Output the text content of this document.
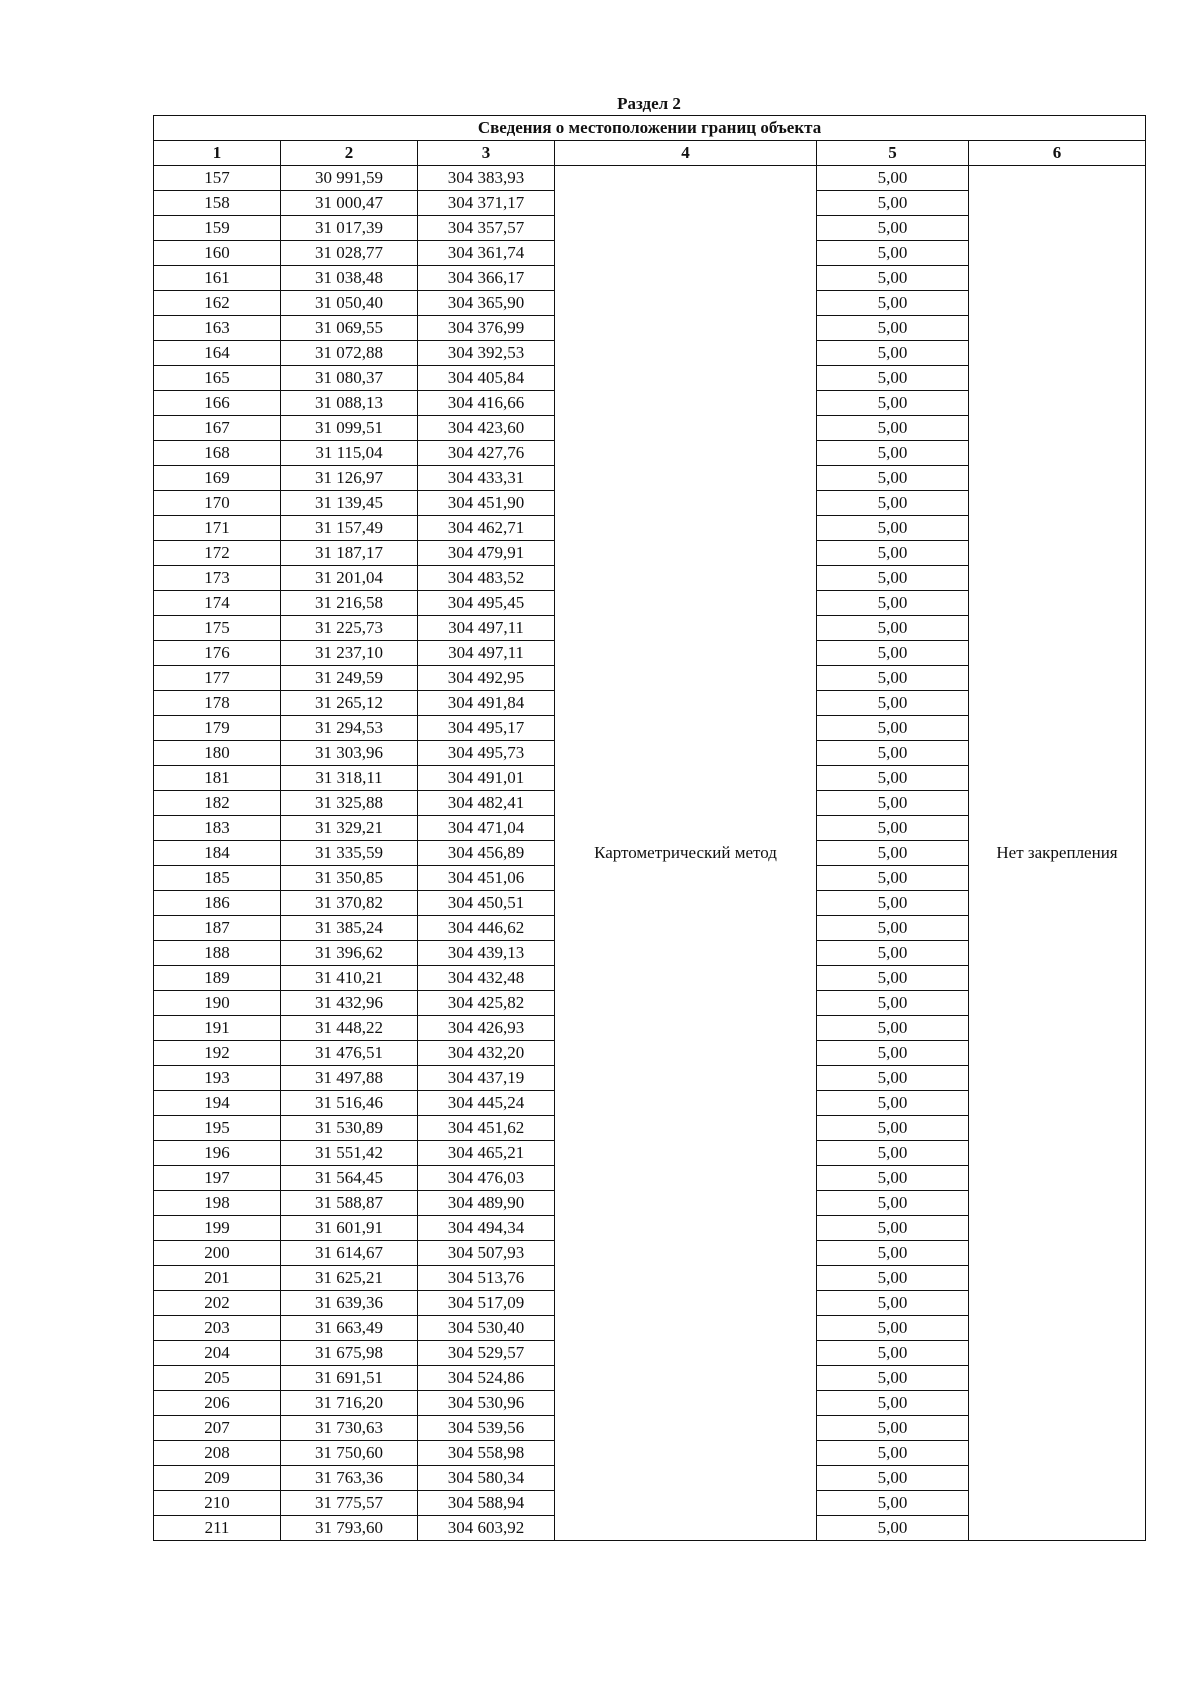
Раздел 2
Сведения о местоположении границ объекта					
1	2	3	4	5	6
157	30 991,59	304 383,93	Картометрический метод	5,00	Нет закрепления
158	31 000,47	304 371,17		5,00	
159	31 017,39	304 357,57		5,00	
160	31 028,77	304 361,74		5,00	
161	31 038,48	304 366,17		5,00	
162	31 050,40	304 365,90		5,00	
163	31 069,55	304 376,99		5,00	
164	31 072,88	304 392,53		5,00	
165	31 080,37	304 405,84		5,00	
166	31 088,13	304 416,66		5,00	
167	31 099,51	304 423,60		5,00	
168	31 115,04	304 427,76		5,00	
169	31 126,97	304 433,31		5,00	
170	31 139,45	304 451,90		5,00	
171	31 157,49	304 462,71		5,00	
172	31 187,17	304 479,91		5,00	
173	31 201,04	304 483,52		5,00	
174	31 216,58	304 495,45		5,00	
175	31 225,73	304 497,11		5,00	
176	31 237,10	304 497,11		5,00	
177	31 249,59	304 492,95		5,00	
178	31 265,12	304 491,84		5,00	
179	31 294,53	304 495,17		5,00	
180	31 303,96	304 495,73		5,00	
181	31 318,11	304 491,01		5,00	
182	31 325,88	304 482,41		5,00	
183	31 329,21	304 471,04		5,00	
184	31 335,59	304 456,89		5,00	
185	31 350,85	304 451,06		5,00	
186	31 370,82	304 450,51		5,00	
187	31 385,24	304 446,62		5,00	
188	31 396,62	304 439,13		5,00	
189	31 410,21	304 432,48		5,00	
190	31 432,96	304 425,82		5,00	
191	31 448,22	304 426,93		5,00	
192	31 476,51	304 432,20		5,00	
193	31 497,88	304 437,19		5,00	
194	31 516,46	304 445,24		5,00	
195	31 530,89	304 451,62		5,00	
196	31 551,42	304 465,21		5,00	
197	31 564,45	304 476,03		5,00	
198	31 588,87	304 489,90		5,00	
199	31 601,91	304 494,34		5,00	
200	31 614,67	304 507,93		5,00	
201	31 625,21	304 513,76		5,00	
202	31 639,36	304 517,09		5,00	
203	31 663,49	304 530,40		5,00	
204	31 675,98	304 529,57		5,00	
205	31 691,51	304 524,86		5,00	
206	31 716,20	304 530,96		5,00	
207	31 730,63	304 539,56		5,00	
208	31 750,60	304 558,98		5,00	
209	31 763,36	304 580,34		5,00	
210	31 775,57	304 588,94		5,00	
211	31 793,60	304 603,92		5,00	
